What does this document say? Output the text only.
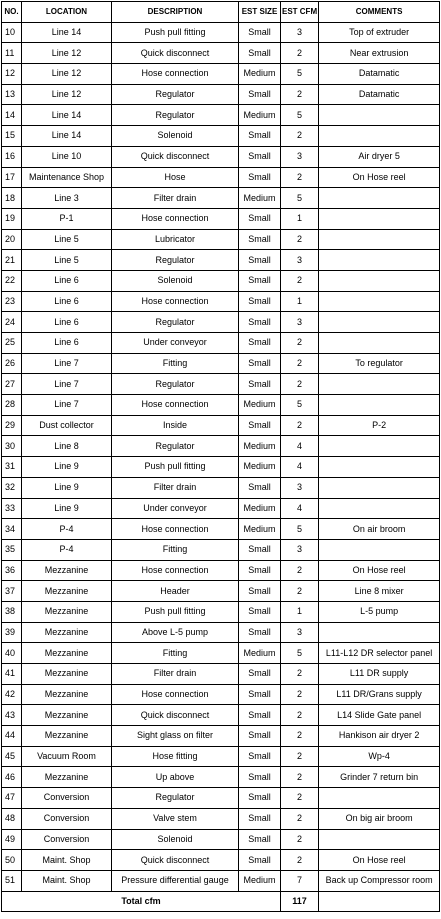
NO.	LOCATION	DESCRIPTION	EST SIZE	EST CFM	COMMENTS
10	Line 14	Push pull fitting	Small	3	Top of extruder
11	Line 12	Quick disconnect	Small	2	Near extrusion
12	Line 12	Hose connection	Medium	5	Datamatic
13	Line 12	Regulator	Small	2	Datamatic
14	Line 14	Regulator	Medium	5	
15	Line 14	Solenoid	Small	2	
16	Line 10	Quick disconnect	Small	3	Air dryer 5
17	Maintenance Shop	Hose	Small	2	On Hose reel
18	Line 3	Filter drain	Medium	5	
19	P-1	Hose connection	Small	1	
20	Line 5	Lubricator	Small	2	
21	Line 5	Regulator	Small	3	
22	Line 6	Solenoid	Small	2	
23	Line 6	Hose connection	Small	1	
24	Line 6	Regulator	Small	3	
25	Line 6	Under conveyor	Small	2	
26	Line 7	Fitting	Small	2	To regulator
27	Line 7	Regulator	Small	2	
28	Line 7	Hose connection	Medium	5	
29	Dust collector	Inside	Small	2	P-2
30	Line 8	Regulator	Medium	4	
31	Line 9	Push pull fitting	Medium	4	
32	Line 9	Filter drain	Small	3	
33	Line 9	Under conveyor	Medium	4	
34	P-4	Hose connection	Medium	5	On air broom
35	P-4	Fitting	Small	3	
36	Mezzanine	Hose connection	Small	2	On Hose reel
37	Mezzanine	Header	Small	2	Line 8 mixer
38	Mezzanine	Push pull fitting	Small	1	L-5 pump
39	Mezzanine	Above L-5 pump	Small	3	
40	Mezzanine	Fitting	Medium	5	L11-L12 DR selector panel
41	Mezzanine	Filter drain	Small	2	L11 DR supply
42	Mezzanine	Hose connection	Small	2	L11 DR/Grans supply
43	Mezzanine	Quick disconnect	Small	2	L14 Slide Gate panel
44	Mezzanine	Sight glass on filter	Small	2	Hankison air dryer 2
45	Vacuum Room	Hose fitting	Small	2	Wp-4
46	Mezzanine	Up above	Small	2	Grinder 7 return bin
47	Conversion	Regulator	Small	2	
48	Conversion	Valve stem	Small	2	On big air broom
49	Conversion	Solenoid	Small	2	
50	Maint. Shop	Quick disconnect	Small	2	On Hose reel
51	Maint. Shop	Pressure differential gauge	Medium	7	Back up Compressor room
Total cfm				117	
